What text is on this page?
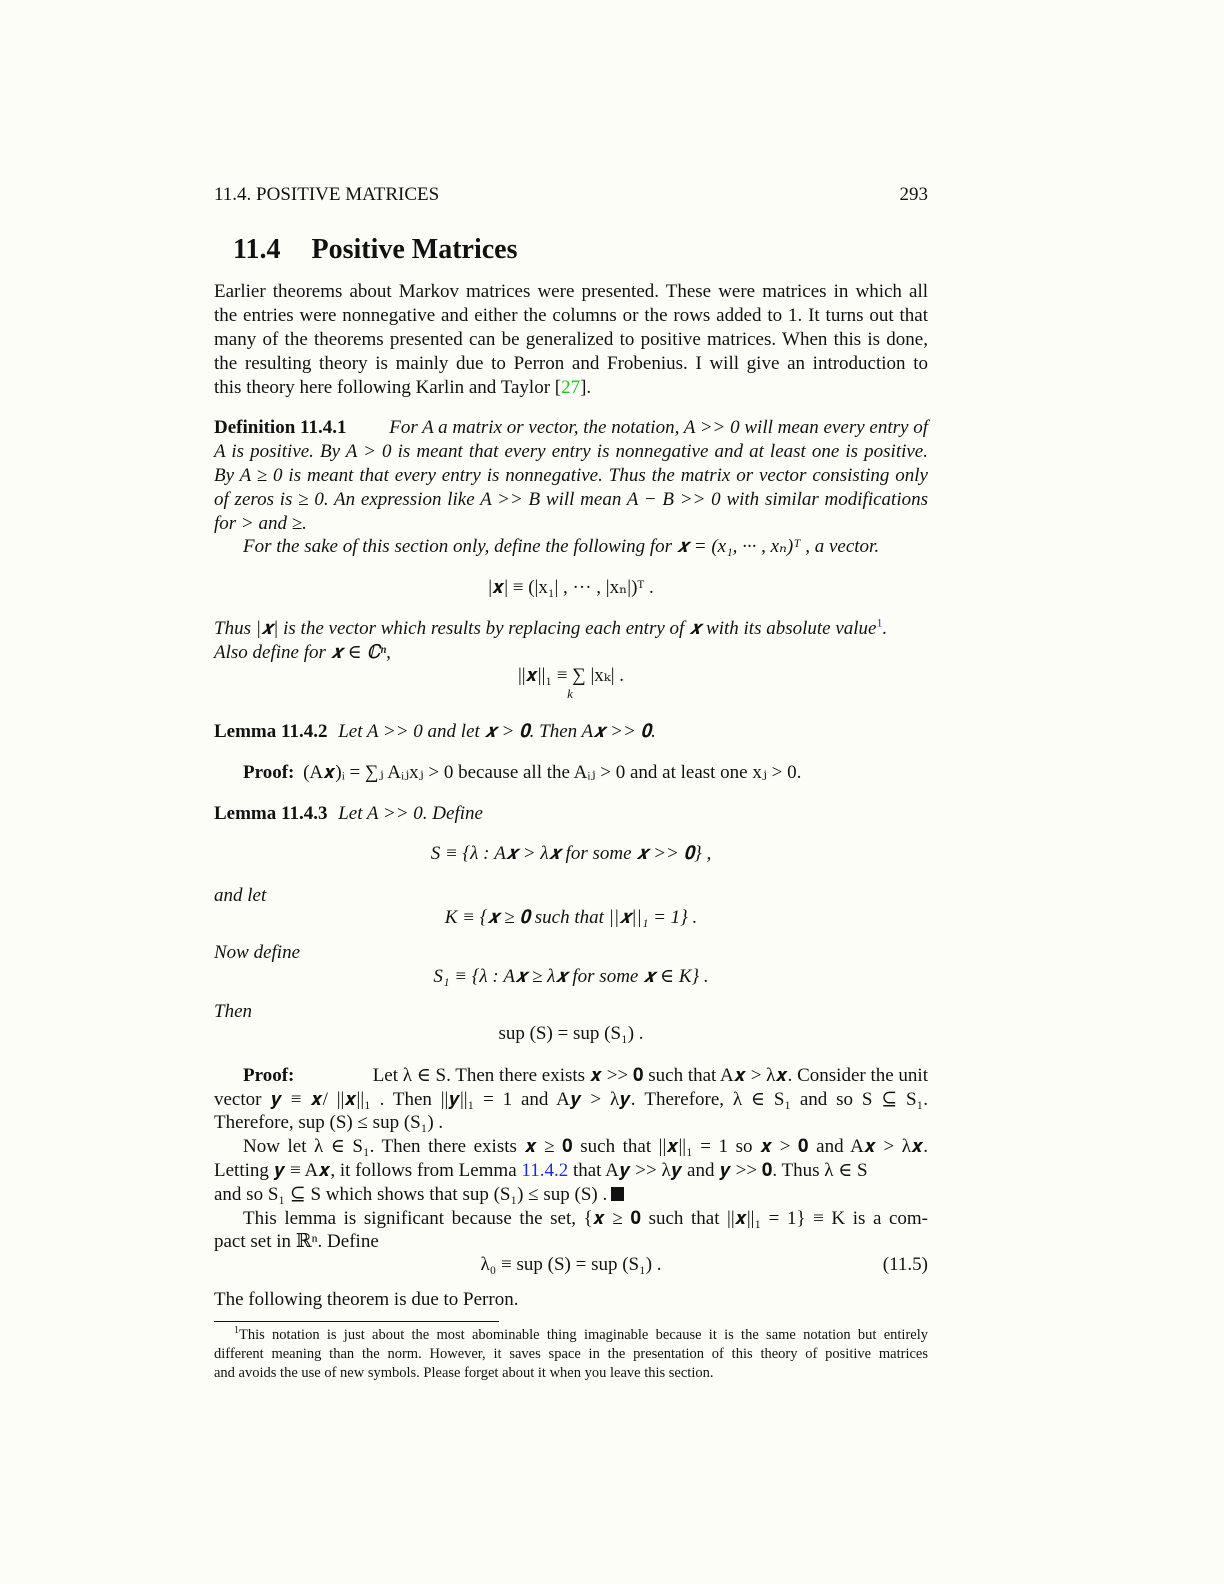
11.4. POSITIVE MATRICES	293
11.4 Positive Matrices
Earlier theorems about Markov matrices were presented. These were matrices in which all
the entries were nonnegative and either the columns or the rows added to 1. It turns out that
many of the theorems presented can be generalized to positive matrices. When this is done,
the resulting theory is mainly due to Perron and Frobenius. I will give an introduction to
this theory here following Karlin and Taylor [27].
Definition 11.4.1 For A a matrix or vector, the notation, A >> 0 will mean every entry of
A is positive. By A > 0 is meant that every entry is nonnegative and at least one is positive.
By A ≥ 0 is meant that every entry is nonnegative. Thus the matrix or vector consisting only
of zeros is ≥ 0. An expression like A >> B will mean A − B >> 0 with similar modifications
for > and ≥.
For the sake of this section only, define the following for 𝒙 = (x₁, ··· , xₙ)ᵀ , a vector.
|𝒙| ≡ (|x₁| , ··· , |xₙ|)ᵀ .
Thus |𝒙| is the vector which results by replacing each entry of 𝒙 with its absolute value$^1$.
Also define for 𝒙 ∈ ℂⁿ,
||𝒙||₁ ≡ ∑ |xₖ| .
k
Lemma 11.4.2 Let A >> 0 and let 𝒙 > 𝟎. Then A𝒙 >> 𝟎.
Proof: (A𝒙)ᵢ = ∑ⱼ Aᵢⱼxⱼ > 0 because all the Aᵢⱼ > 0 and at least one xⱼ > 0.
Lemma 11.4.3 Let A >> 0. Define
S ≡ {λ : A𝒙 > λ𝒙 for some 𝒙 >> 𝟎} ,
and let
K ≡ {𝒙 ≥ 𝟎 such that ||𝒙||₁ = 1} .
Now define
S₁ ≡ {λ : A𝒙 ≥ λ𝒙 for some 𝒙 ∈ K} .
Then
sup (S) = sup (S₁) .
Proof:	Let λ ∈ S. Then there exists 𝒙 >> 𝟎 such that A𝒙 > λ𝒙. Consider the unit
vector 𝒚 ≡ 𝒙/ ||𝒙||₁ . Then ||𝒚||₁ = 1 and A𝒚 > λ𝒚. Therefore, λ ∈ S₁ and so S ⊆ S₁.
Therefore, sup (S) ≤ sup (S₁) .
Now let λ ∈ S₁. Then there exists 𝒙 ≥ 𝟎 such that ||𝒙||₁ = 1 so 𝒙 > 𝟎 and A𝒙 > λ𝒙.
Letting 𝒚 ≡ A𝒙, it follows from Lemma 11.4.2 that A𝒚 >> λ𝒚 and 𝒚 >> 𝟎. Thus λ ∈ S
and so S₁ ⊆ S which shows that sup (S₁) ≤ sup (S) .
This lemma is significant because the set, {𝒙 ≥ 𝟎 such that ||𝒙||₁ = 1} ≡ K is a com-
pact set in ℝⁿ. Define
λ₀ ≡ sup (S) = sup (S₁) .	(11.5)
The following theorem is due to Perron.
$^1$This notation is just about the most abominable thing imaginable because it is the same notation but entirely
different meaning than the norm. However, it saves space in the presentation of this theory of positive matrices
and avoids the use of new symbols. Please forget about it when you leave this section.
